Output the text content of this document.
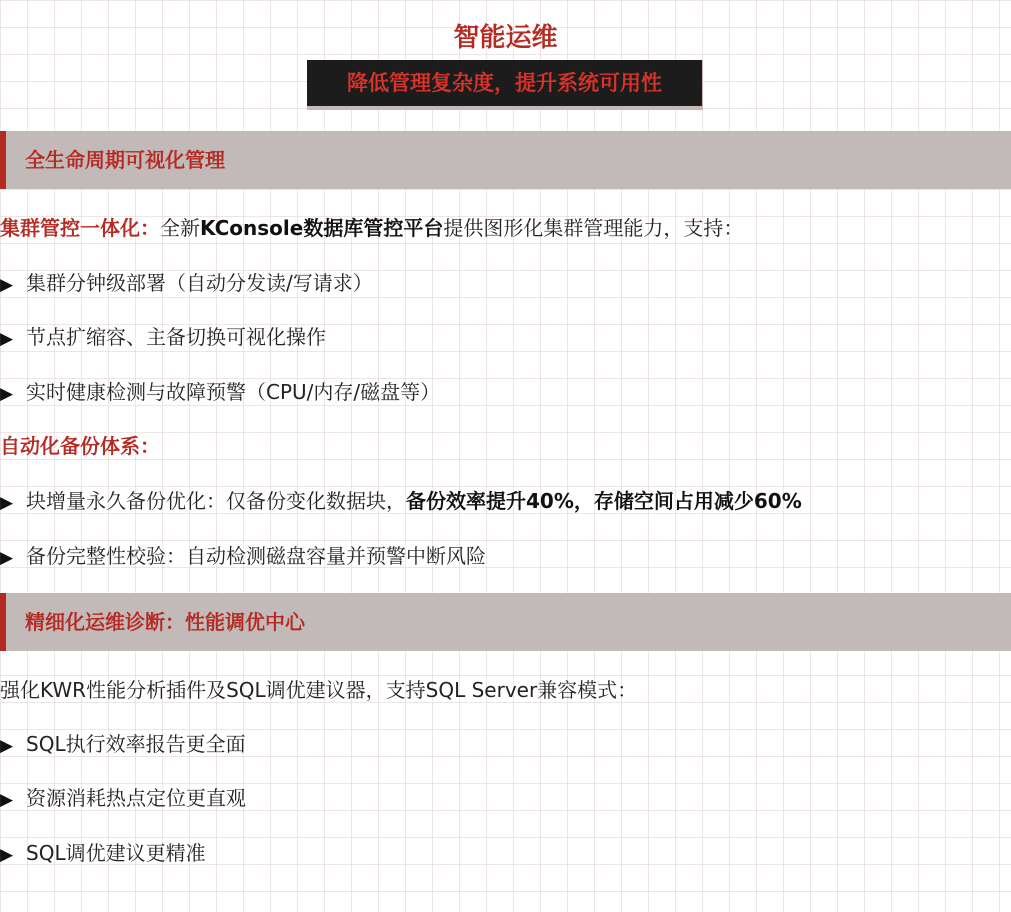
智能运维
降低管理复杂度，提升系统可用性
全生命周期可视化管理
集群管控一体化：全新KConsole数据库管控平台提供图形化集群管理能力，支持：
▶ 集群分钟级部署（自动分发读/写请求）
▶ 节点扩缩容、主备切换可视化操作
▶ 实时健康检测与故障预警（CPU/内存/磁盘等）
自动化备份体系：
▶ 块增量永久备份优化：仅备份变化数据块，备份效率提升40%，存储空间占用减少60%
▶ 备份完整性校验：自动检测磁盘容量并预警中断风险
精细化运维诊断：性能调优中心
强化KWR性能分析插件及SQL调优建议器，支持SQL Server兼容模式：
▶ SQL执行效率报告更全面
▶ 资源消耗热点定位更直观
▶ SQL调优建议更精准
